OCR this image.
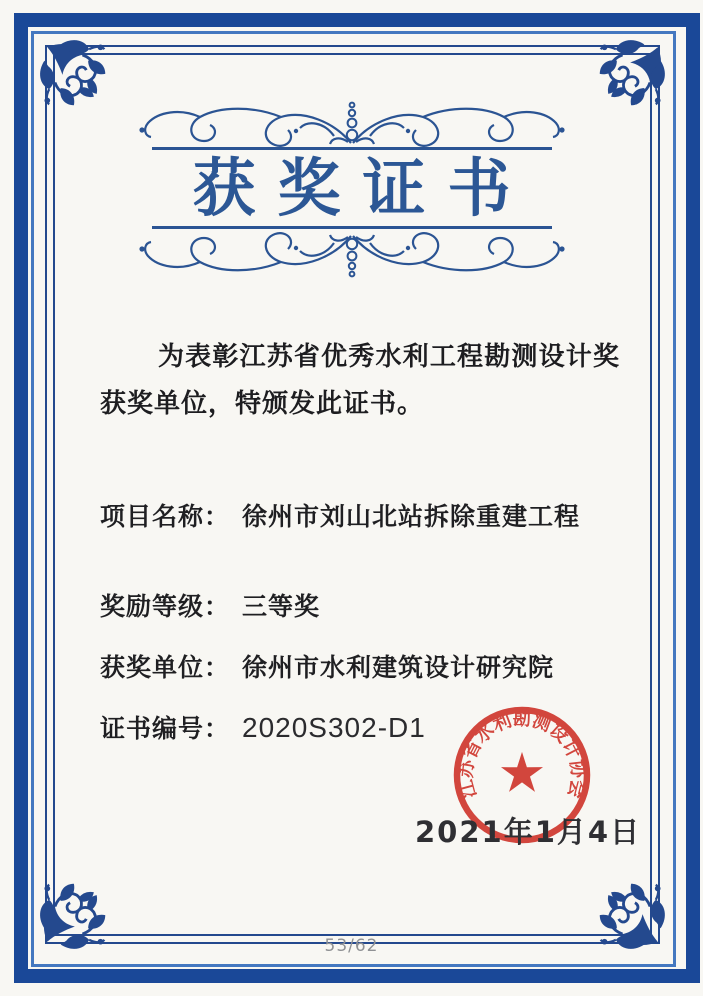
获奖证书

为表彰江苏省优秀水利工程勘测设计奖获奖单位，特颁发此证书。

项目名称： 徐州市刘山北站拆除重建工程
奖励等级： 三等奖
获奖单位： 徐州市水利建筑设计研究院
证书编号： 2020S302-D1
江苏省水利勘测设计协会
2021年1月4日
53/62
